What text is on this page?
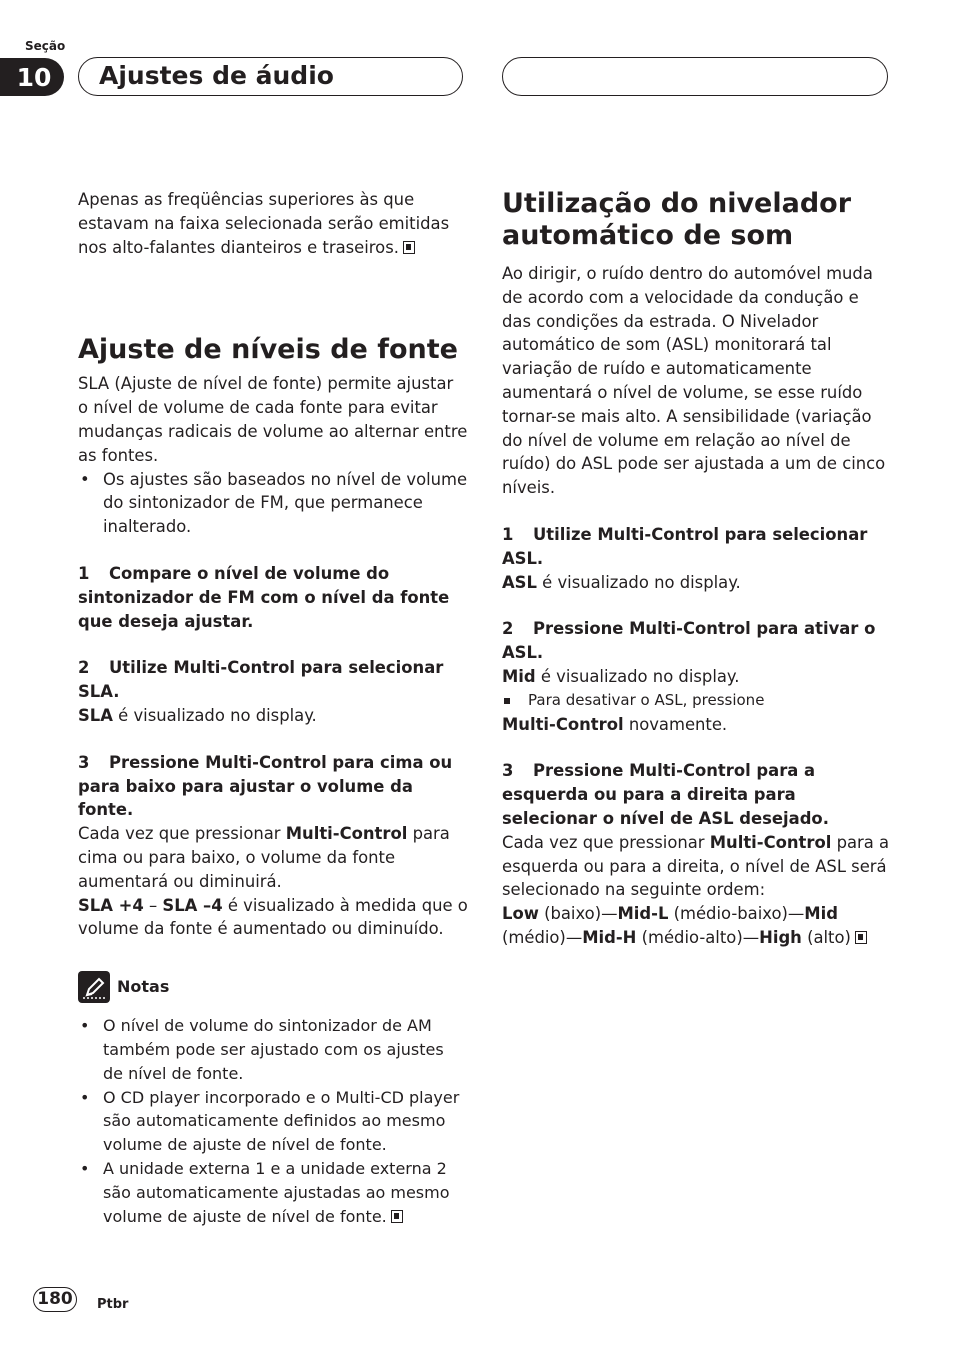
Seção
10	Ajustes de áudio

Apenas as freqüências superiores às que estavam na faixa selecionada serão emitidas nos alto-falantes dianteiros e traseiros.

Ajuste de níveis de fonte

SLA (Ajuste de nível de fonte) permite ajustar o nível de volume de cada fonte para evitar mudanças radicais de volume ao alternar entre as fontes.

• Os ajustes são baseados no nível de volume do sintonizador de FM, que permanece inalterado.

1 Compare o nível de volume do sintonizador de FM com o nível da fonte que deseja ajustar.

2 Utilize Multi-Control para selecionar SLA.

SLA é visualizado no display.

3 Pressione Multi-Control para cima ou para baixo para ajustar o volume da fonte.

Cada vez que pressionar Multi-Control para cima ou para baixo, o volume da fonte aumentará ou diminuirá.

SLA +4 – SLA –4 é visualizado à medida que o volume da fonte é aumentado ou diminuído.

Notas

• O nível de volume do sintonizador de AM também pode ser ajustado com os ajustes de nível de fonte.

• O CD player incorporado e o Multi-CD player são automaticamente definidos ao mesmo volume de ajuste de nível de fonte.

• A unidade externa 1 e a unidade externa 2 são automaticamente ajustadas ao mesmo volume de ajuste de nível de fonte.

Utilização do nivelador automático de som

Ao dirigir, o ruído dentro do automóvel muda de acordo com a velocidade da condução e das condições da estrada. O Nivelador automático de som (ASL) monitorará tal variação de ruído e automaticamente aumentará o nível de volume, se esse ruído tornar-se mais alto. A sensibilidade (variação do nível de volume em relação ao nível de ruído) do ASL pode ser ajustada a um de cinco níveis.

1 Utilize Multi-Control para selecionar ASL.

ASL é visualizado no display.

2 Pressione Multi-Control para ativar o ASL.

Mid é visualizado no display.

Para desativar o ASL, pressione

Multi-Control novamente.

3 Pressione Multi-Control para a esquerda ou para a direita para selecionar o nível de ASL desejado.

Cada vez que pressionar Multi-Control para a esquerda ou para a direita, o nível de ASL será selecionado na seguinte ordem:

Low (baixo)—Mid-L (médio-baixo)—Mid (médio)—Mid-H (médio-alto)—High (alto)

180	Ptbr
